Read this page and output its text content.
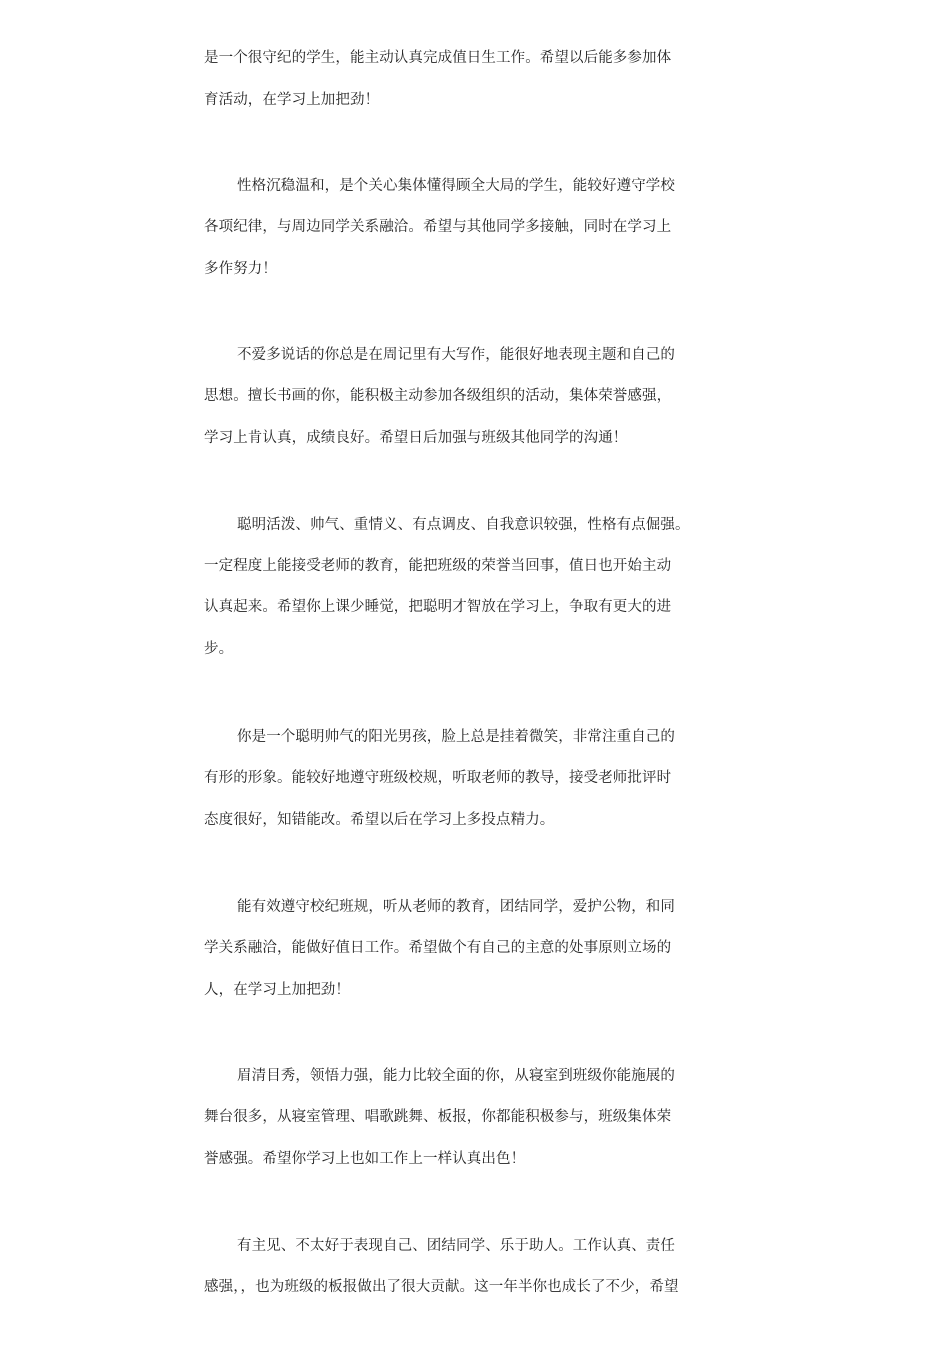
是一个很守纪的学生，能主动认真完成值日生工作。希望以后能多参加体
育活动，在学习上加把劲！
性格沉稳温和，是个关心集体懂得顾全大局的学生，能较好遵守学校
各项纪律，与周边同学关系融洽。希望与其他同学多接触，同时在学习上
多作努力！
不爱多说话的你总是在周记里有大写作，能很好地表现主题和自己的
思想。擅长书画的你，能积极主动参加各级组织的活动，集体荣誉感强，
学习上肯认真，成绩良好。希望日后加强与班级其他同学的沟通！
聪明活泼、帅气、重情义、有点调皮、自我意识较强，性格有点倔强。
一定程度上能接受老师的教育，能把班级的荣誉当回事，值日也开始主动
认真起来。希望你上课少睡觉，把聪明才智放在学习上，争取有更大的进
步。
你是一个聪明帅气的阳光男孩，脸上总是挂着微笑，非常注重自己的
有形的形象。能较好地遵守班级校规，听取老师的教导，接受老师批评时
态度很好，知错能改。希望以后在学习上多投点精力。
能有效遵守校纪班规，听从老师的教育，团结同学，爱护公物，和同
学关系融洽，能做好值日工作。希望做个有自己的主意的处事原则立场的
人，在学习上加把劲！
眉清目秀，领悟力强，能力比较全面的你，从寝室到班级你能施展的
舞台很多，从寝室管理、唱歌跳舞、板报，你都能积极参与，班级集体荣
誉感强。希望你学习上也如工作上一样认真出色！
有主见、不太好于表现自己、团结同学、乐于助人。工作认真、责任
感强，，也为班级的板报做出了很大贡献。这一年半你也成长了不少，希望
